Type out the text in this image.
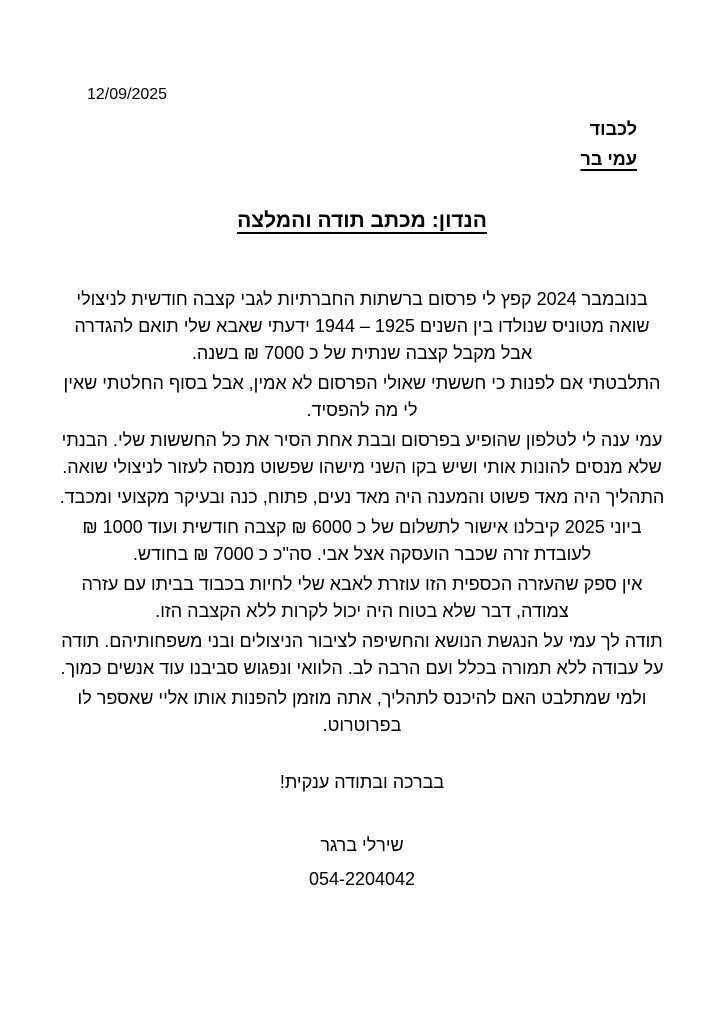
12/09/2025
לכבוד
עמי בר
הנדון: מכתב תודה והמלצה

בנובמבר 2024 קפץ לי פרסום ברשתות החברתיות לגבי קצבה חודשית לניצולי שואה מטוניס שנולדו בין השנים 1925 – 1944 ידעתי שאבא שלי תואם להגדרה אבל מקבל קצבה שנתית של כ 7000 ₪ בשנה.

התלבטתי אם לפנות כי חששתי שאולי הפרסום לא אמין, אבל בסוף החלטתי שאין לי מה להפסיד.

עמי ענה לי לטלפון שהופיע בפרסום ובבת אחת הסיר את כל החששות שלי. הבנתי שלא מנסים להונות אותי ושיש בקו השני מישהו שפשוט מנסה לעזור לניצולי שואה.

התהליך היה מאד פשוט והמענה היה מאד נעים, פתוח, כנה ובעיקר מקצועי ומכבד.

ביוני 2025 קיבלנו אישור לתשלום של כ 6000 ₪ קצבה חודשית ועוד 1000 ₪ לעובדת זרה שכבר הועסקה אצל אבי. סה"כ כ 7000 ₪ בחודש.

אין ספק שהעזרה הכספית הזו עוזרת לאבא שלי לחיות בכבוד בביתו עם עזרה צמודה, דבר שלא בטוח היה יכול לקרות ללא הקצבה הזו.

תודה לך עמי על הנגשת הנושא והחשיפה לציבור הניצולים ובני משפחותיהם. תודה על עבודה ללא תמורה בכלל ועם הרבה לב. הלוואי ונפגוש סביבנו עוד אנשים כמוך.

ולמי שמתלבט האם להיכנס לתהליך, אתה מוזמן להפנות אותו אליי שאספר לו בפרוטרוט.

בברכה ובתודה ענקית!
שירלי ברגר
054-2204042
